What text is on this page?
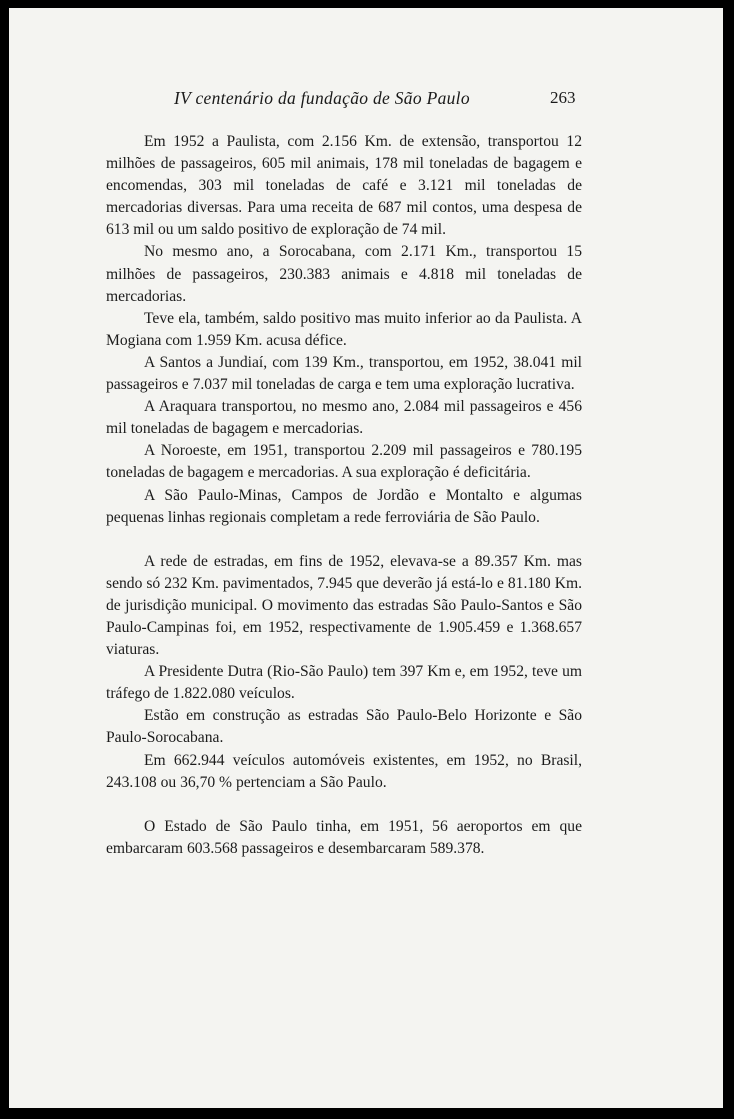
IV centenário da fundação de São Paulo	263

Em 1952 a Paulista, com 2.156 Km. de extensão, transportou 12 milhões de passageiros, 605 mil animais, 178 mil toneladas de bagagem e encomendas, 303 mil toneladas de café e 3.121 mil toneladas de mercadorias diversas. Para uma receita de 687 mil contos, uma despesa de 613 mil ou um saldo positivo de exploração de 74 mil.

No mesmo ano, a Sorocabana, com 2.171 Km., transportou 15 milhões de passageiros, 230.383 animais e 4.818 mil toneladas de mercadorias.

Teve ela, também, saldo positivo mas muito inferior ao da Paulista. A Mogiana com 1.959 Km. acusa défice.

A Santos a Jundiaí, com 139 Km., transportou, em 1952, 38.041 mil passageiros e 7.037 mil toneladas de carga e tem uma exploração lucrativa.

A Araquara transportou, no mesmo ano, 2.084 mil passageiros e 456 mil toneladas de bagagem e mercadorias.

A Noroeste, em 1951, transportou 2.209 mil passageiros e 780.195 toneladas de bagagem e mercadorias. A sua exploração é deficitária.

A São Paulo-Minas, Campos de Jordão e Montalto e algumas pequenas linhas regionais completam a rede ferroviária de São Paulo.

A rede de estradas, em fins de 1952, elevava-se a 89.357 Km. mas sendo só 232 Km. pavimentados, 7.945 que deverão já está-lo e 81.180 Km. de jurisdição municipal. O movimento das estradas São Paulo-Santos e São Paulo-Campinas foi, em 1952, respectivamente de 1.905.459 e 1.368.657 viaturas.

A Presidente Dutra (Rio-São Paulo) tem 397 Km e, em 1952, teve um tráfego de 1.822.080 veículos.

Estão em construção as estradas São Paulo-Belo Horizonte e São Paulo-Sorocabana.

Em 662.944 veículos automóveis existentes, em 1952, no Brasil, 243.108 ou 36,70 % pertenciam a São Paulo.

O Estado de São Paulo tinha, em 1951, 56 aeroportos em que embarcaram 603.568 passageiros e desembarcaram 589.378.
